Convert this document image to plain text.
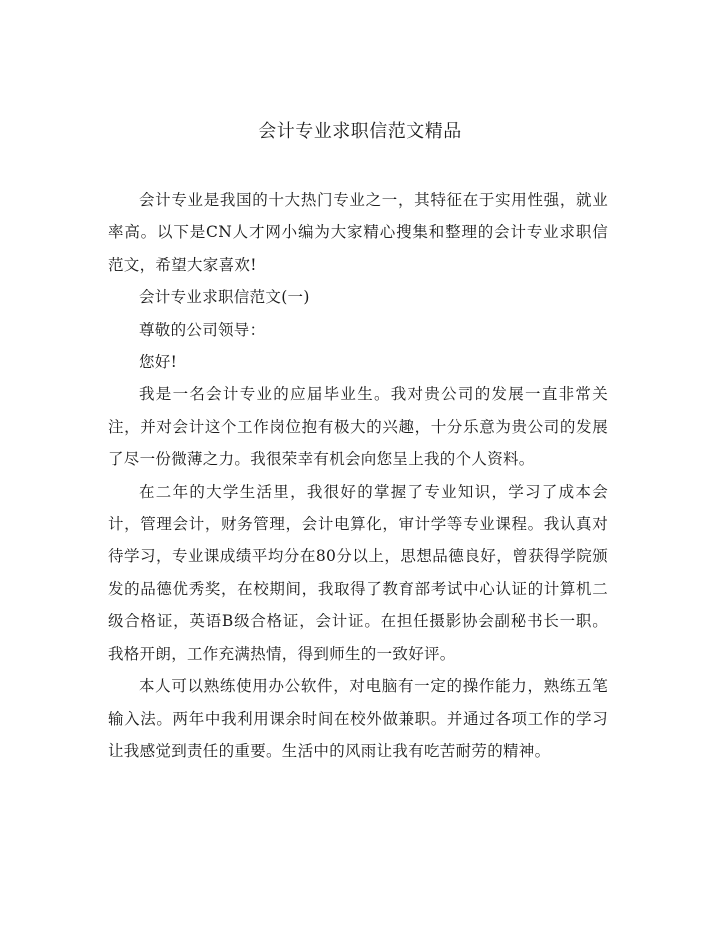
会计专业求职信范文精品

会计专业是我国的十大热门专业之一，其特征在于实用性强，就业率高。以下是CN人才网小编为大家精心搜集和整理的会计专业求职信范文，希望大家喜欢!

会计专业求职信范文(一)

尊敬的公司领导：

您好!

我是一名会计专业的应届毕业生。我对贵公司的发展一直非常关注，并对会计这个工作岗位抱有极大的兴趣，十分乐意为贵公司的发展了尽一份微薄之力。我很荣幸有机会向您呈上我的个人资料。

在二年的大学生活里，我很好的掌握了专业知识，学习了成本会计，管理会计，财务管理，会计电算化，审计学等专业课程。我认真对待学习，专业课成绩平均分在80分以上，思想品德良好，曾获得学院颁发的品德优秀奖，在校期间，我取得了教育部考试中心认证的计算机二级合格证，英语B级合格证，会计证。在担任摄影协会副秘书长一职。我格开朗，工作充满热情，得到师生的一致好评。

本人可以熟练使用办公软件，对电脑有一定的操作能力，熟练五笔输入法。两年中我利用课余时间在校外做兼职。并通过各项工作的学习让我感觉到责任的重要。生活中的风雨让我有吃苦耐劳的精神。
